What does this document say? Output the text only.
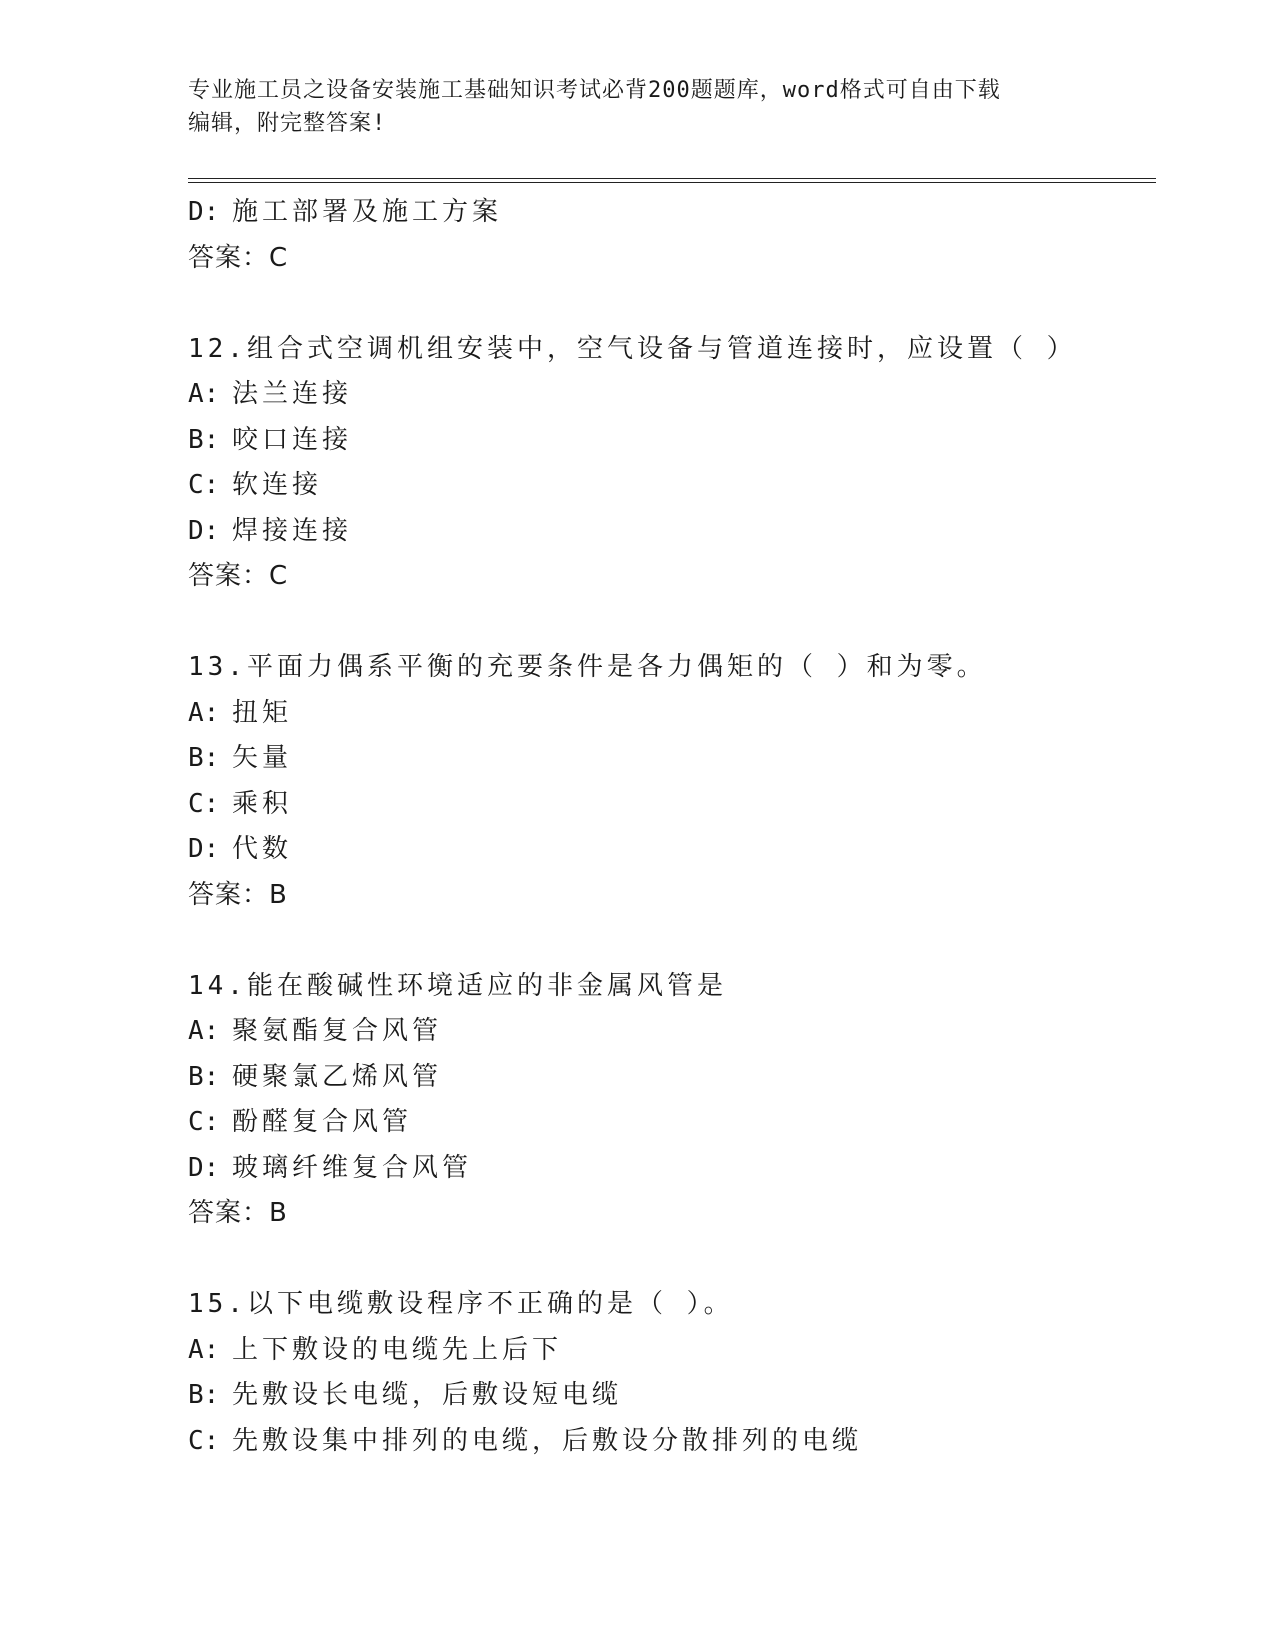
专业施工员之设备安装施工基础知识考试必背200题题库，word格式可自由下载
编辑，附完整答案!
D: 施工部署及施工方案
答案：C
12.组合式空调机组安装中，空气设备与管道连接时，应设置（ ）
A: 法兰连接
B: 咬口连接
C: 软连接
D: 焊接连接
答案：C
13.平面力偶系平衡的充要条件是各力偶矩的（ ）和为零。
A: 扭矩
B: 矢量
C: 乘积
D: 代数
答案：B
14.能在酸碱性环境适应的非金属风管是
A: 聚氨酯复合风管
B: 硬聚氯乙烯风管
C: 酚醛复合风管
D: 玻璃纤维复合风管
答案：B
15.以下电缆敷设程序不正确的是（ ）。
A: 上下敷设的电缆先上后下
B: 先敷设长电缆，后敷设短电缆
C: 先敷设集中排列的电缆，后敷设分散排列的电缆
